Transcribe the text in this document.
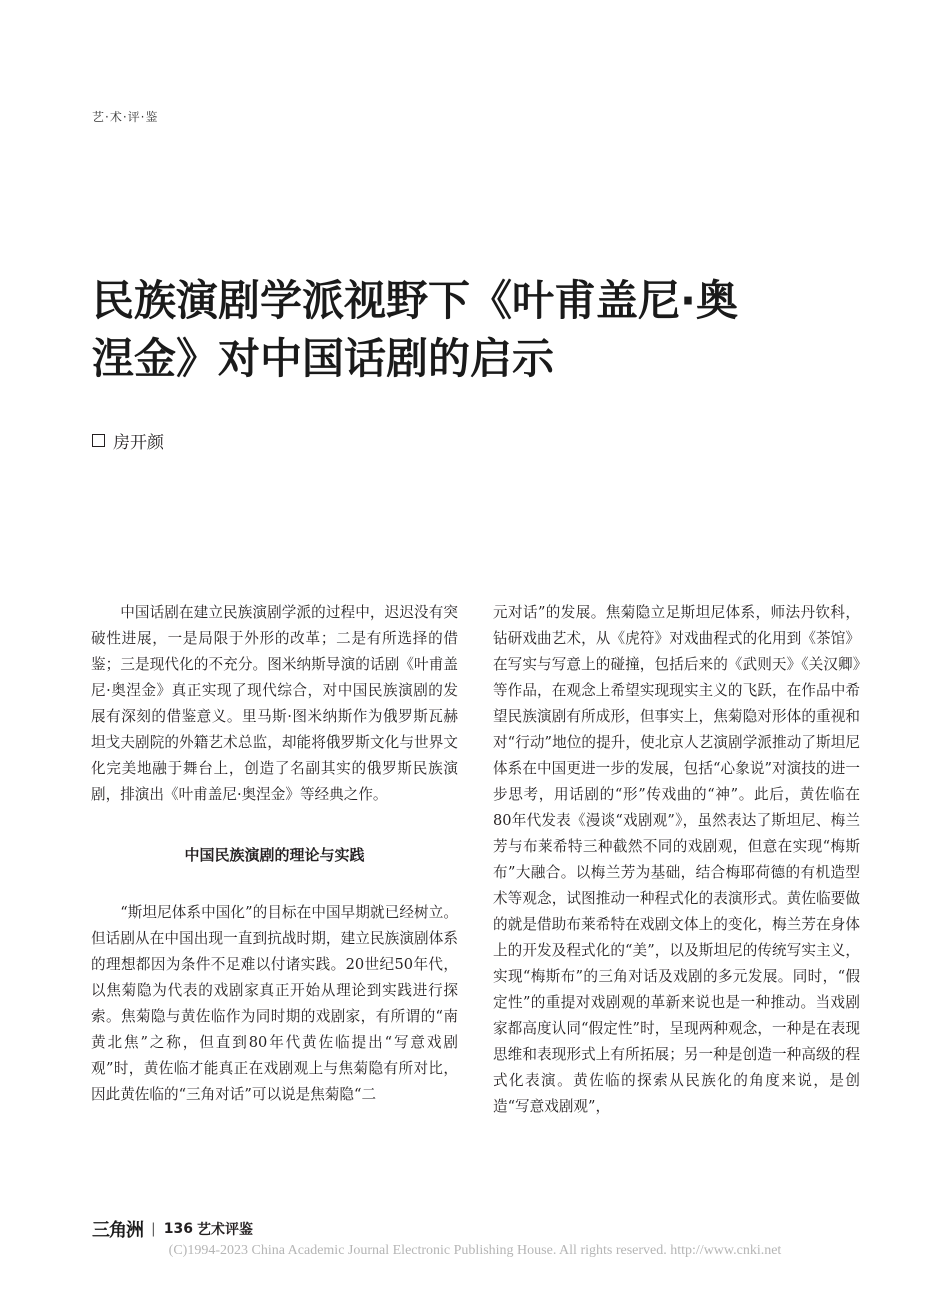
艺·术·评·鉴
民族演剧学派视野下《叶甫盖尼·奥
涅金》对中国话剧的启示
房开颜

中国话剧在建立民族演剧学派的过程中，迟迟没有突破性进展，一是局限于外形的改革；二是有所选择的借鉴；三是现代化的不充分。图米纳斯导演的话剧《叶甫盖尼·奥涅金》真正实现了现代综合，对中国民族演剧的发展有深刻的借鉴意义。里马斯·图米纳斯作为俄罗斯瓦赫坦戈夫剧院的外籍艺术总监，却能将俄罗斯文化与世界文化完美地融于舞台上，创造了名副其实的俄罗斯民族演剧，排演出《叶甫盖尼·奥涅金》等经典之作。

中国民族演剧的理论与实践

“斯坦尼体系中国化”的目标在中国早期就已经树立。但话剧从在中国出现一直到抗战时期，建立民族演剧体系的理想都因为条件不足难以付诸实践。20世纪50年代，以焦菊隐为代表的戏剧家真正开始从理论到实践进行探索。焦菊隐与黄佐临作为同时期的戏剧家，有所谓的“南黄北焦”之称，但直到80年代黄佐临提出“写意戏剧观”时，黄佐临才能真正在戏剧观上与焦菊隐有所对比，因此黄佐临的“三角对话”可以说是焦菊隐“二

元对话”的发展。焦菊隐立足斯坦尼体系，师法丹钦科，钻研戏曲艺术，从《虎符》对戏曲程式的化用到《茶馆》在写实与写意上的碰撞，包括后来的《武则天》《关汉卿》等作品，在观念上希望实现现实主义的飞跃，在作品中希望民族演剧有所成形，但事实上，焦菊隐对形体的重视和对“行动”地位的提升，使北京人艺演剧学派推动了斯坦尼体系在中国更进一步的发展，包括“心象说”对演技的进一步思考，用话剧的“形”传戏曲的“神”。此后，黄佐临在80年代发表《漫谈“戏剧观”》，虽然表达了斯坦尼、梅兰芳与布莱希特三种截然不同的戏剧观，但意在实现“梅斯布”大融合。以梅兰芳为基础，结合梅耶荷德的有机造型术等观念，试图推动一种程式化的表演形式。黄佐临要做的就是借助布莱希特在戏剧文体上的变化，梅兰芳在身体上的开发及程式化的“美”，以及斯坦尼的传统写实主义，实现“梅斯布”的三角对话及戏剧的多元发展。同时，“假定性”的重提对戏剧观的革新来说也是一种推动。当戏剧家都高度认同“假定性”时，呈现两种观念，一种是在表现思维和表现形式上有所拓展；另一种是创造一种高级的程式化表演。黄佐临的探索从民族化的角度来说，是创造“写意戏剧观”，

三角洲 | 136 艺术评鉴
(C)1994-2023 China Academic Journal Electronic Publishing House. All rights reserved. http://www.cnki.net
